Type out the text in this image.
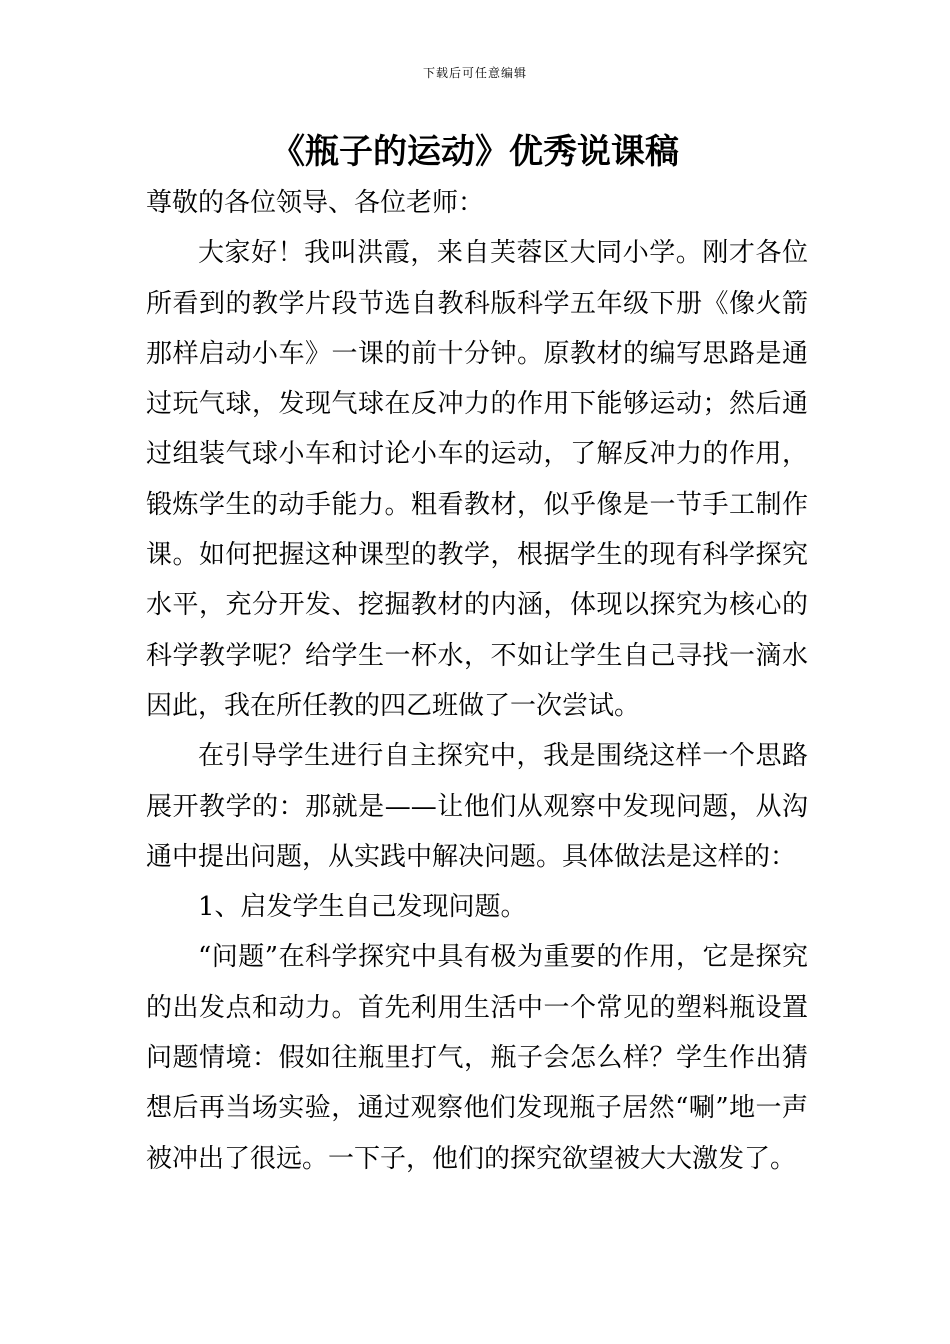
下载后可任意编辑
《瓶子的运动》优秀说课稿

尊敬的各位领导、各位老师：

大家好！我叫洪霞，来自芙蓉区大同小学。刚才各位所看到的教学片段节选自教科版科学五年级下册《像火箭那样启动小车》一课的前十分钟。原教材的编写思路是通过玩气球，发现气球在反冲力的作用下能够运动；然后通过组装气球小车和讨论小车的运动，了解反冲力的作用，锻炼学生的动手能力。粗看教材，似乎像是一节手工制作课。如何把握这种课型的教学，根据学生的现有科学探究水平，充分开发、挖掘教材的内涵，体现以探究为核心的科学教学呢？给学生一杯水，不如让学生自己寻找一滴水因此，我在所任教的四乙班做了一次尝试。

在引导学生进行自主探究中，我是围绕这样一个思路展开教学的：那就是——让他们从观察中发现问题，从沟通中提出问题，从实践中解决问题。具体做法是这样的：

1、启发学生自己发现问题。

“问题”在科学探究中具有极为重要的作用，它是探究的出发点和动力。首先利用生活中一个常见的塑料瓶设置问题情境：假如往瓶里打气，瓶子会怎么样？学生作出猜想后再当场实验，通过观察他们发现瓶子居然“唰”地一声被冲出了很远。一下子，他们的探究欲望被大大激发了。
